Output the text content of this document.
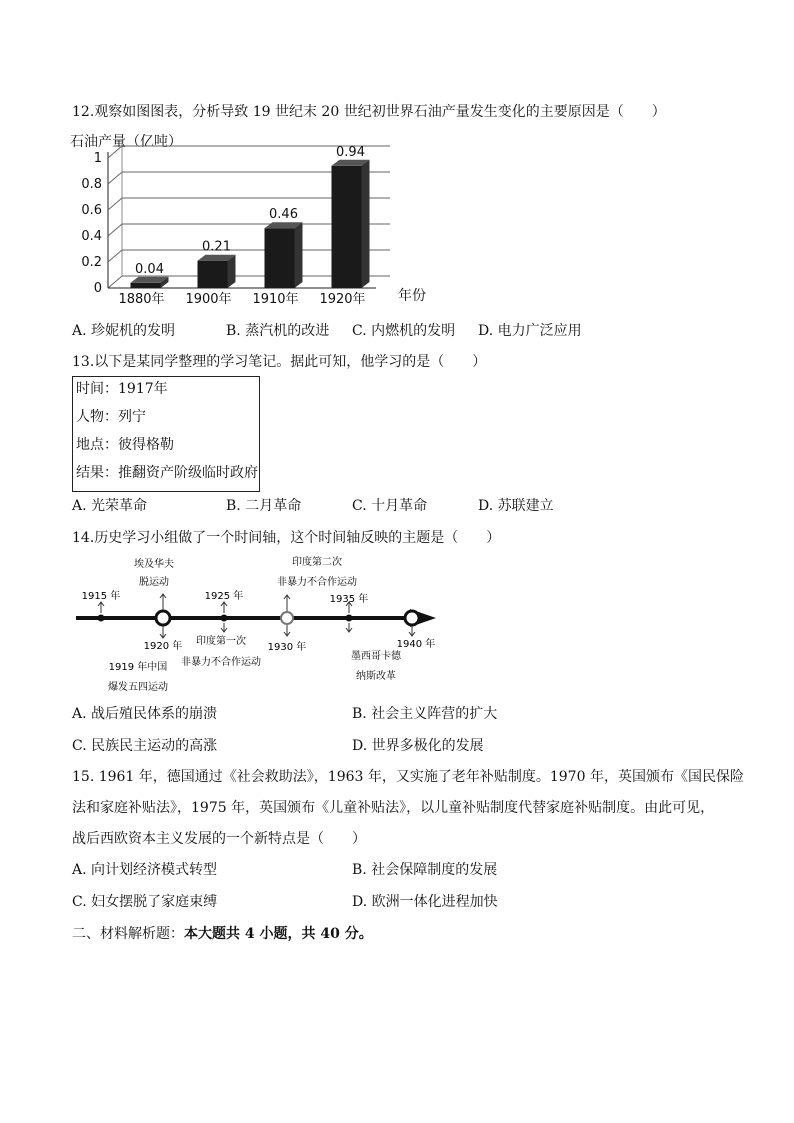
12.观察如图图表，分析导致 19 世纪末 20 世纪初世界石油产量发生变化的主要原因是（　　）
石油产量（亿吨）
0
0.2
0.4
0.6
0.8
1
0.04
0.21
0.46
0.94
1880年 1900年 1910年 1920年 年份
A. 珍妮机的发明	B. 蒸汽机的改进 C. 内燃机的发明 D. 电力广泛应用
13.以下是某同学整理的学习笔记。据此可知，他学习的是（　　）
时间：1917年
人物：列宁
地点：彼得格勒
结果：推翻资产阶级临时政府
A. 光荣革命	B. 二月革命	C. 十月革命	D. 苏联建立
14.历史学习小组做了一个时间轴，这个时间轴反映的主题是（　　）
1915 年
埃及华夫
脱运动
1925 年
印度第二次
非暴力不合作运动
1935 年
1920 年
1919 年中国
爆发五四运动
印度第一次
非暴力不合作运动
1930 年
墨西哥卡德
纳斯改革
1940 年
A. 战后殖民体系的崩溃	B. 社会主义阵营的扩大
C. 民族民主运动的高涨	D. 世界多极化的发展
15. 1961 年，德国通过《社会救助法》，1963 年，又实施了老年补贴制度。1970 年，英国颁布《国民保险
法和家庭补贴法》，1975 年，英国颁布《儿童补贴法》，以儿童补贴制度代替家庭补贴制度。由此可见，
战后西欧资本主义发展的一个新特点是（　　）
A. 向计划经济模式转型	B. 社会保障制度的发展
C. 妇女摆脱了家庭束缚	D. 欧洲一体化进程加快
二、材料解析题：本大题共 4 小题，共 40 分。
